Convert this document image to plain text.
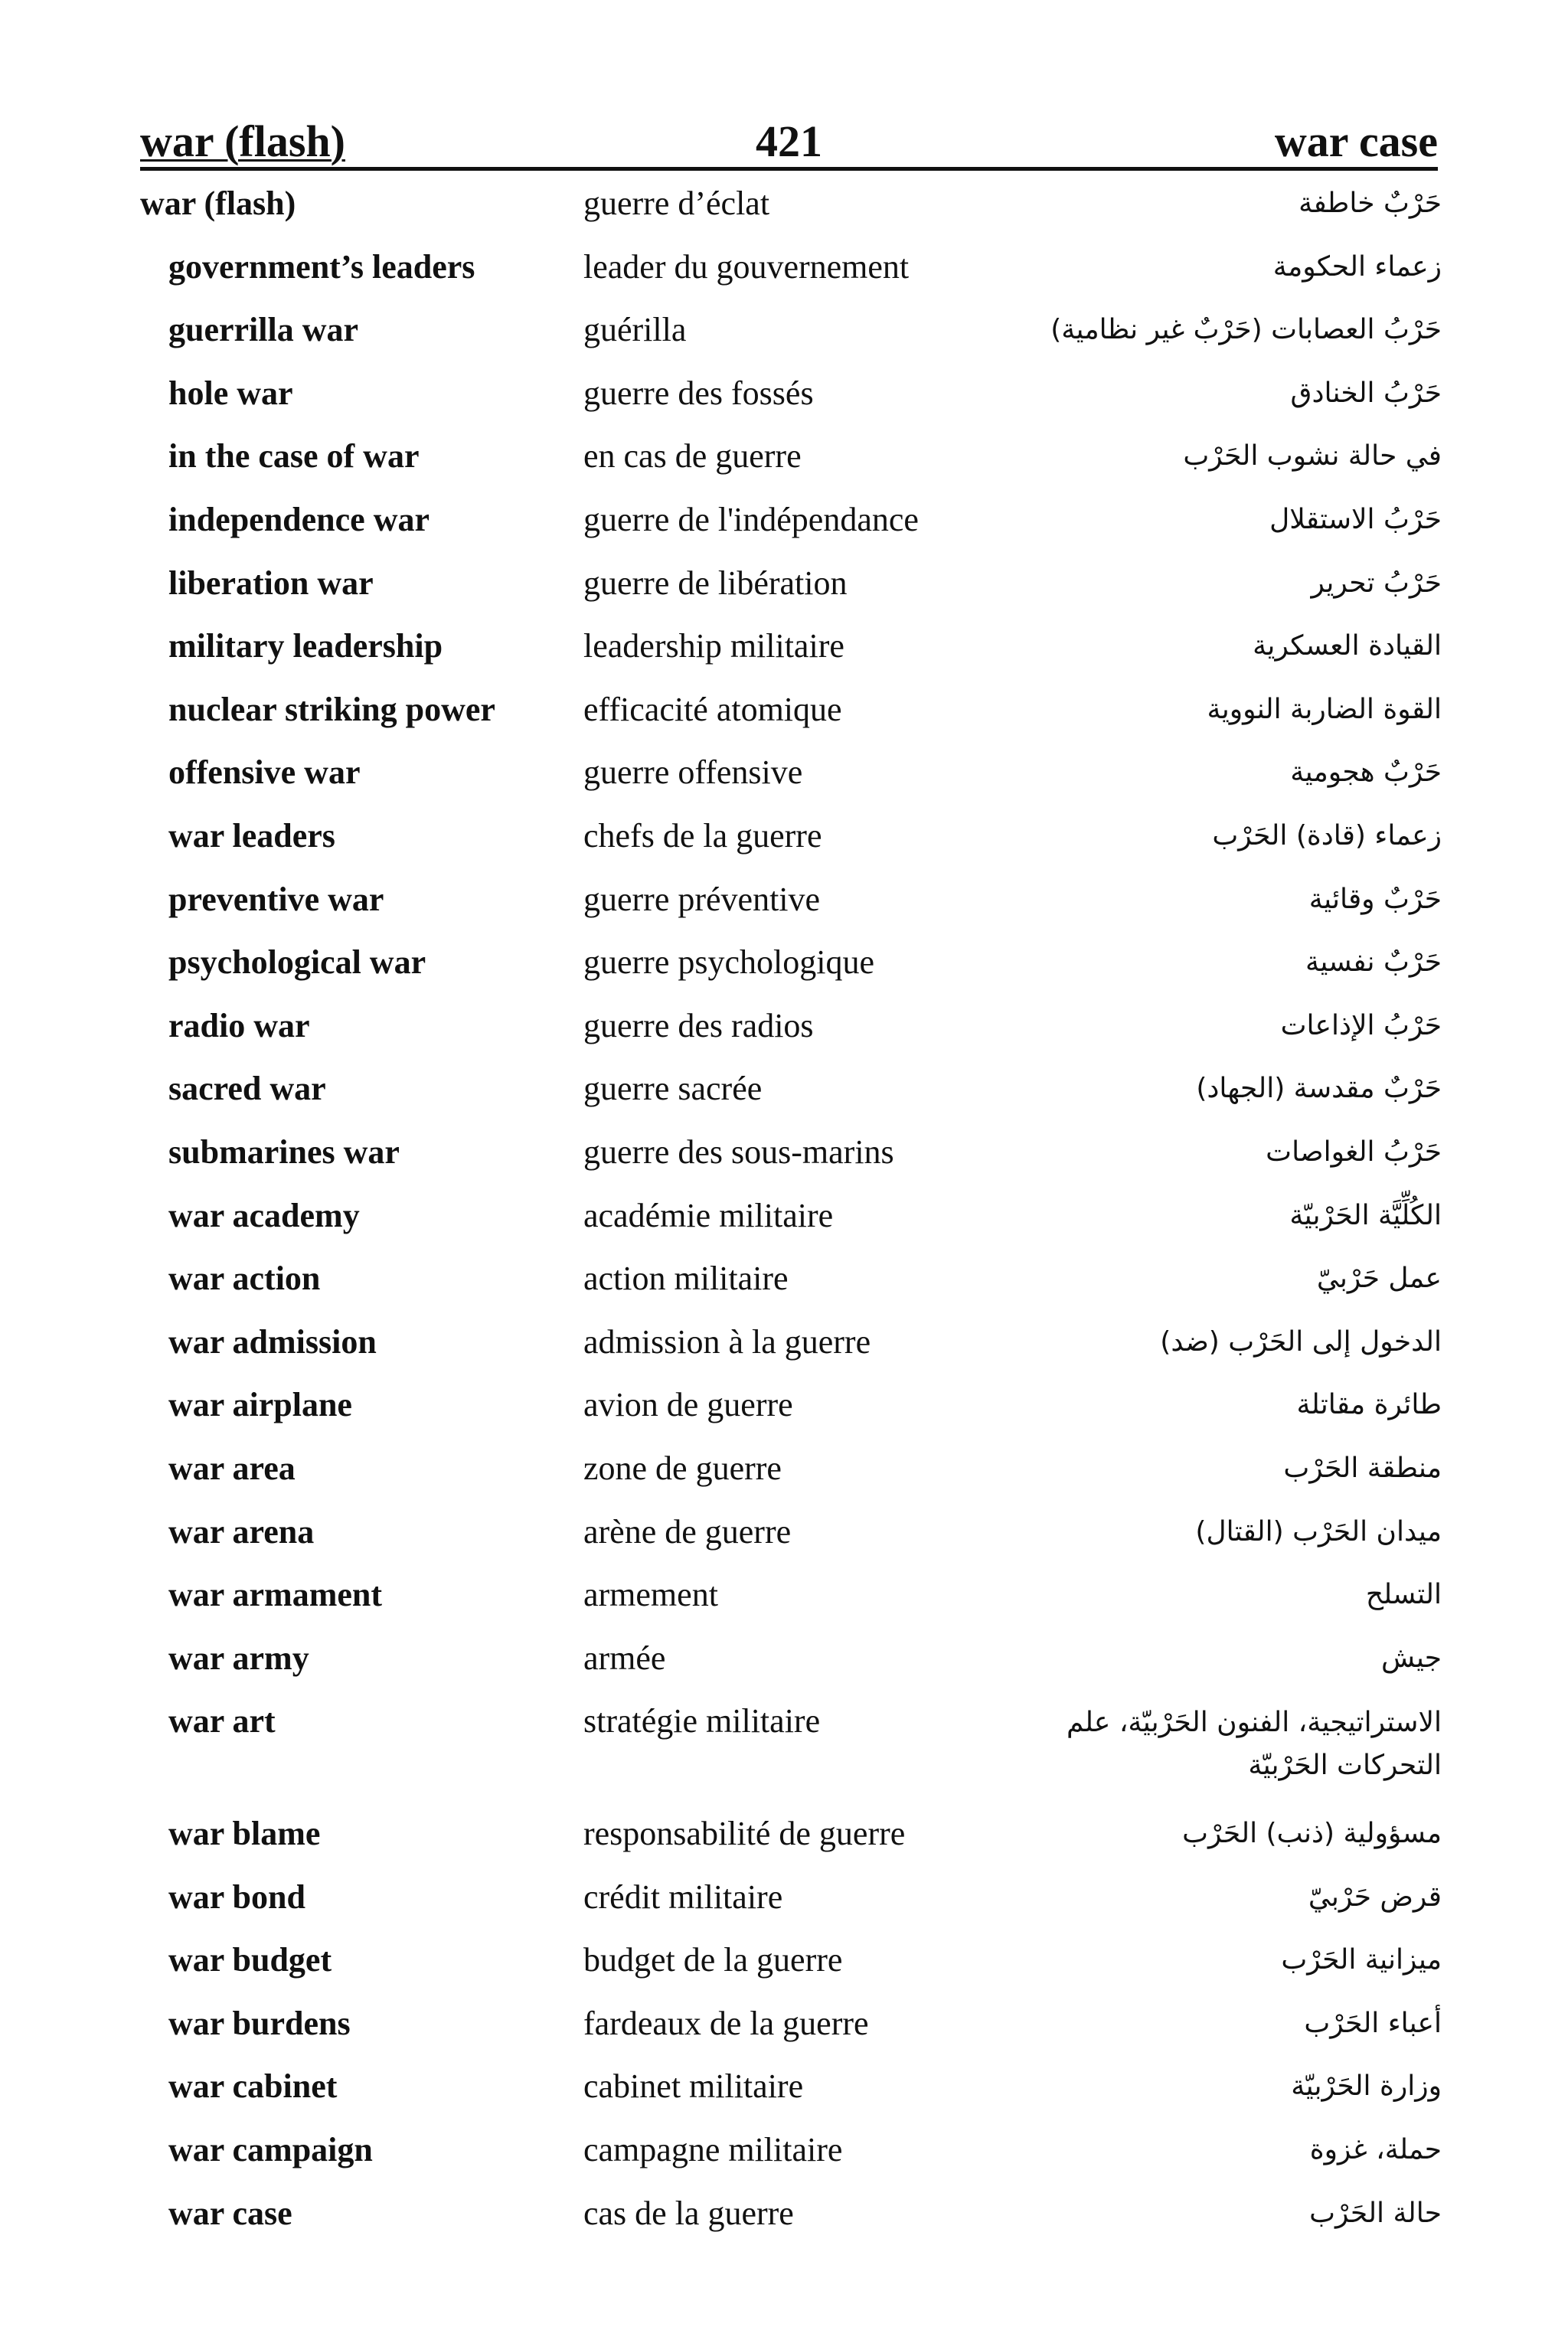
war (flash)	421	war case
war (flash)	guerre d’éclat	حَرْبٌ خاطفة
government’s leaders	leader du gouvernement	زعماء الحكومة
guerrilla war	guérilla	حَرْبُ العصابات (حَرْبٌ غير نظامية)
hole war	guerre des fossés	حَرْبُ الخنادق
in the case of war	en cas de guerre	في حالة نشوب الحَرْب
independence war	guerre de l'indépendance	حَرْبُ الاستقلال
liberation war	guerre de libération	حَرْبُ تحرير
military leadership	leadership militaire	القيادة العسكرية
nuclear striking power	efficacité atomique	القوة الضاربة النووية
offensive war	guerre offensive	حَرْبٌ هجومية
war leaders	chefs de la guerre	زعماء (قادة) الحَرْب
preventive war	guerre préventive	حَرْبٌ وقائية
psychological war	guerre psychologique	حَرْبٌ نفسية
radio war	guerre des radios	حَرْبُ الإذاعات
sacred war	guerre sacrée	حَرْبٌ مقدسة (الجهاد)
submarines war	guerre des sous-marins	حَرْبُ الغواصات
war academy	académie militaire	الكُلِّيَّة الحَرْبيّة
war action	action militaire	عمل حَرْبيّ
war admission	admission à la guerre	الدخول إلى الحَرْب (ضد)
war airplane	avion de guerre	طائرة مقاتلة
war area	zone de guerre	منطقة الحَرْب
war arena	arène de guerre	ميدان الحَرْب (القتال)
war armament	armement	التسلح
war army	armée	جيش
war art	stratégie militaire	الاستراتيجية، الفنون الحَرْبيّة، علم التحركات الحَرْبيّة
war blame	responsabilité de guerre	مسؤولية (ذنب) الحَرْب
war bond	crédit militaire	قرض حَرْبيّ
war budget	budget de la guerre	ميزانية الحَرْب
war burdens	fardeaux de la guerre	أعباء الحَرْب
war cabinet	cabinet militaire	وزارة الحَرْبيّة
war campaign	campagne militaire	حملة، غزوة
war case	cas de la guerre	حالة الحَرْب
